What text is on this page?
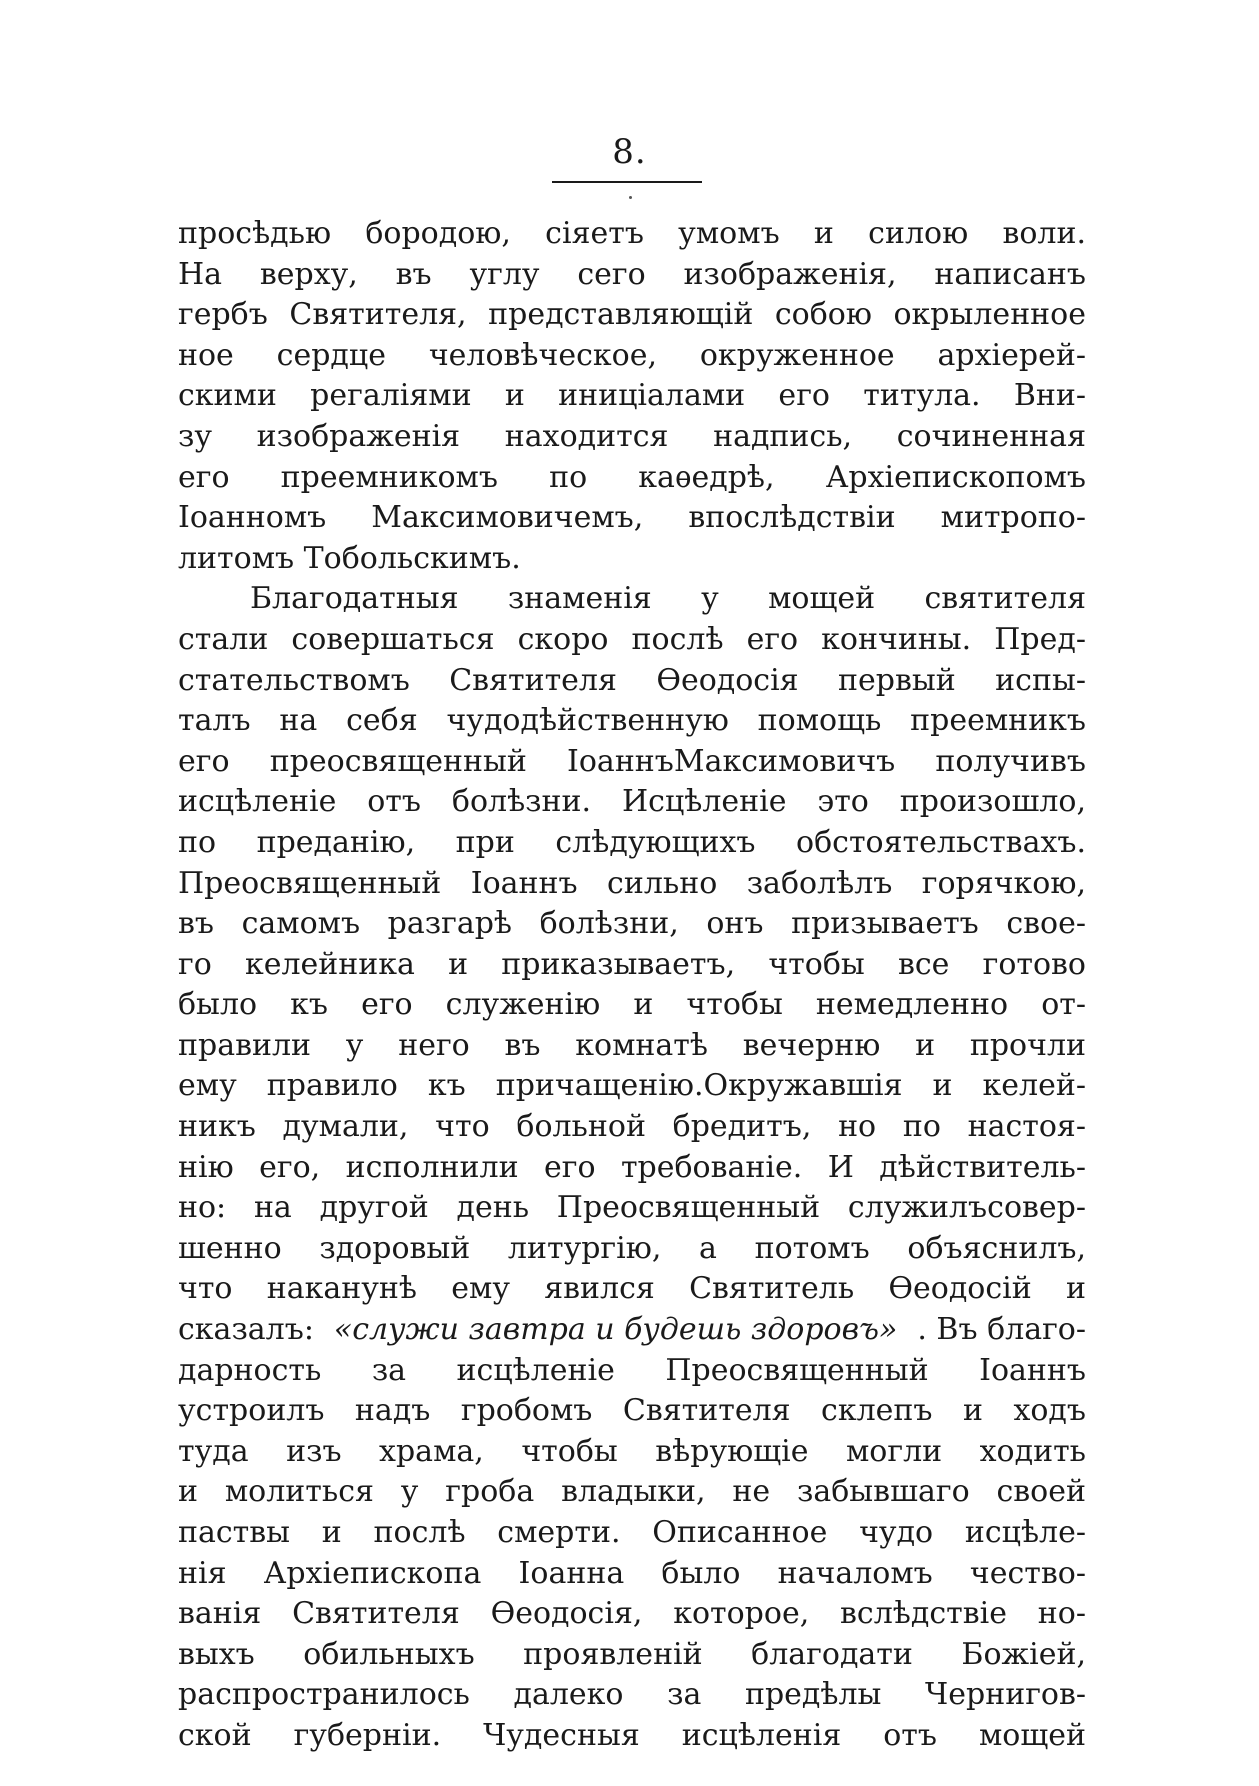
8.
просѣдью бородою, сіяетъ умомъ и силою воли.
На верху, въ углу сего изображенія, написанъ
гербъ Святителя, представляющій собою окрыленное
ное сердце человѣческое, окруженное архіерей-
скими регаліями и иниціалами его титула. Вни-
зу изображенія находится надпись, сочиненная
его преемникомъ по каѳедрѣ, Архіепископомъ
Іоанномъ Максимовичемъ, впослѣдствіи митропо-
литомъ Тобольскимъ.
Благодатныя знаменія у мощей святителя
стали совершаться скоро послѣ его кончины. Пред-
стательствомъ Святителя Ѳеодосія первый испы-
талъ на себя чудодѣйственную помощь преемникъ
его преосвященный ІоаннъМаксимовичъ получивъ
исцѣленіе отъ болѣзни. Исцѣленіе это произошло,
по преданію, при слѣдующихъ обстоятельствахъ.
Преосвященный Іоаннъ сильно заболѣлъ горячкою,
въ самомъ разгарѣ болѣзни, онъ призываетъ свое-
го келейника и приказываетъ, чтобы все готово
было къ его служенію и чтобы немедленно от-
правили у него въ комнатѣ вечерню и прочли
ему правило къ причащенію.Окружавшія и келей-
никъ думали, что больной бредитъ, но по настоя-
нію его, исполнили его требованіе. И дѣйствитель-
но: на другой день Преосвященный служилъсовер-
шенно здоровый литургію, а потомъ объяснилъ,
что наканунѣ ему явился Святитель Ѳеодосій и
сказалъ: «служи завтра и будешь здоровъ» . Въ благо-
дарность за исцѣленіе Преосвященный Іоаннъ
устроилъ надъ гробомъ Святителя склепъ и ходъ
туда изъ храма, чтобы вѣрующіе могли ходить
и молиться у гроба владыки, не забывшаго своей
паствы и послѣ смерти. Описанное чудо исцѣле-
нія Архіепископа Іоанна было началомъ чество-
ванія Святителя Ѳеодосія, которое, вслѣдствіе но-
выхъ обильныхъ проявленій благодати Божіей,
распространилось далеко за предѣлы Чернигов-
ской губерніи. Чудесныя исцѣленія отъ мощей
